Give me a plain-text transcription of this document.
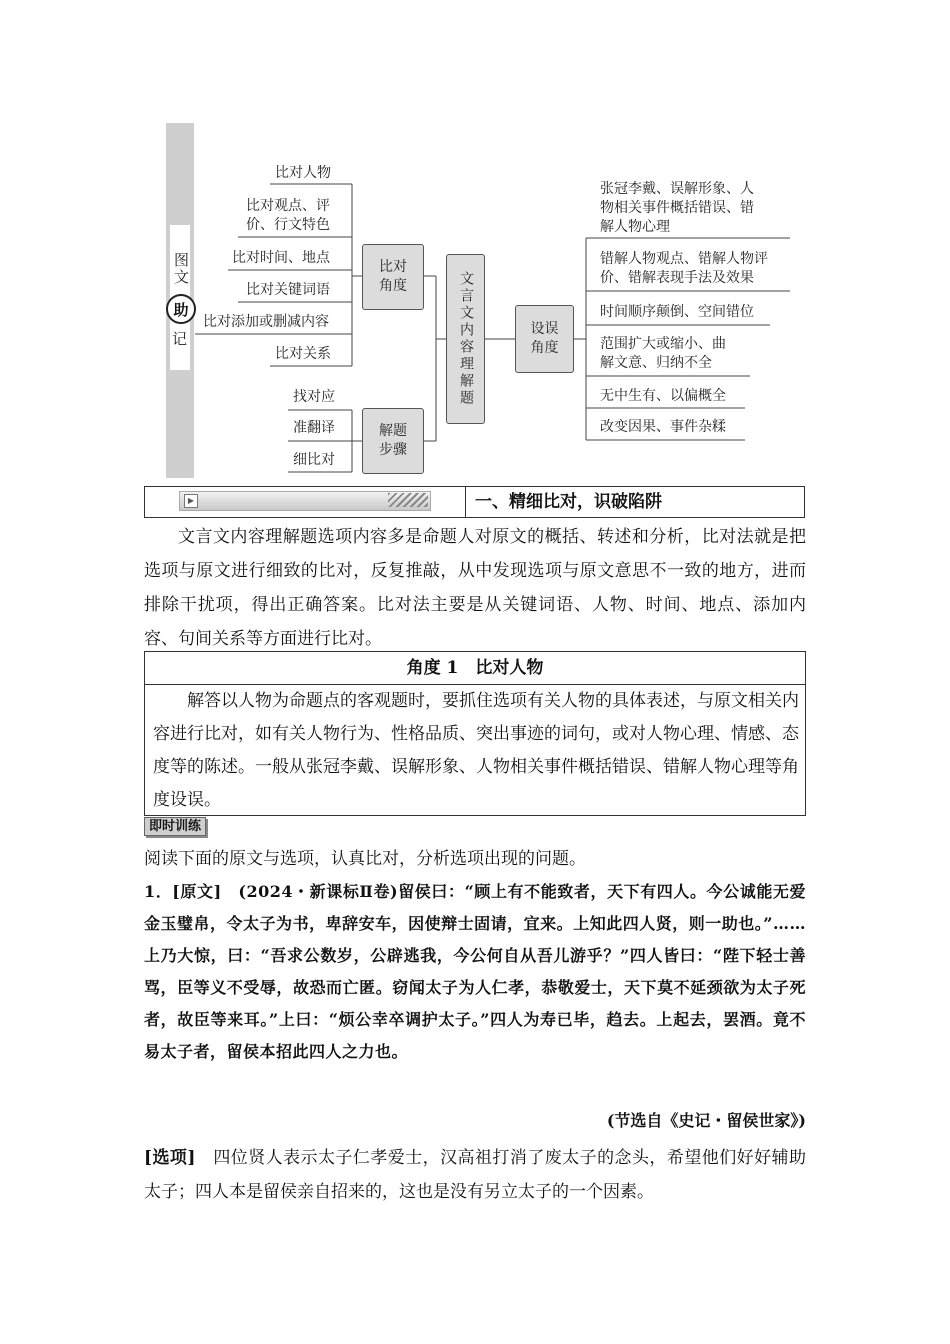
图文
助
记
比对人物
比对观点、评
价、行文特色
比对时间、地点
比对关键词语
比对添加或删减内容
比对关系
比对
角度
找对应
准翻译
细比对
解题
步骤
文言文内容理解题	设误
角度
张冠李戴、误解形象、人
物相关事件概括错误、错
解人物心理
错解人物观点、错解人物评
价、错解表现手法及效果
时间顺序颠倒、空间错位
范围扩大或缩小、曲
解文意、归纳不全
无中生有、以偏概全
改变因果、事件杂糅
▶	一、精细比对，识破陷阱
文言文内容理解题选项内容多是命题人对原文的概括、转述和分析，比对法就是把选项与原文进行细致的比对，反复推敲，从中发现选项与原文意思不一致的地方，进而排除干扰项，得出正确答案。比对法主要是从关键词语、人物、时间、地点、添加内容、句间关系等方面进行比对。
角度 1　比对人物
解答以人物为命题点的客观题时，要抓住选项有关人物的具体表述，与原文相关内容进行比对，如有关人物行为、性格品质、突出事迹的词句，或对人物心理、情感、态度等的陈述。一般从张冠李戴、误解形象、人物相关事件概括错误、错解人物心理等角度设误。
即时训练
阅读下面的原文与选项，认真比对，分析选项出现的问题。
1．[原文]　(2024・新课标Ⅱ卷)留侯曰：“顾上有不能致者，天下有四人。今公诚能无爱金玉璧帛，令太子为书，卑辞安车，因使辩士固请，宜来。上知此四人贤，则一助也。”……上乃大惊，曰：“吾求公数岁，公辟逃我，今公何自从吾儿游乎？”四人皆曰：“陛下轻士善骂，臣等义不受辱，故恐而亡匿。窃闻太子为人仁孝，恭敬爱士，天下莫不延颈欲为太子死者，故臣等来耳。”上曰：“烦公幸卒调护太子。”四人为寿已毕，趋去。上起去，罢酒。竟不易太子者，留侯本招此四人之力也。
(节选自《史记・留侯世家》)
[选项]　 四位贤人表示太子仁孝爱士，汉高祖打消了废太子的念头，希望他们好好辅助太子；四人本是留侯亲自招来的，这也是没有另立太子的一个因素。
